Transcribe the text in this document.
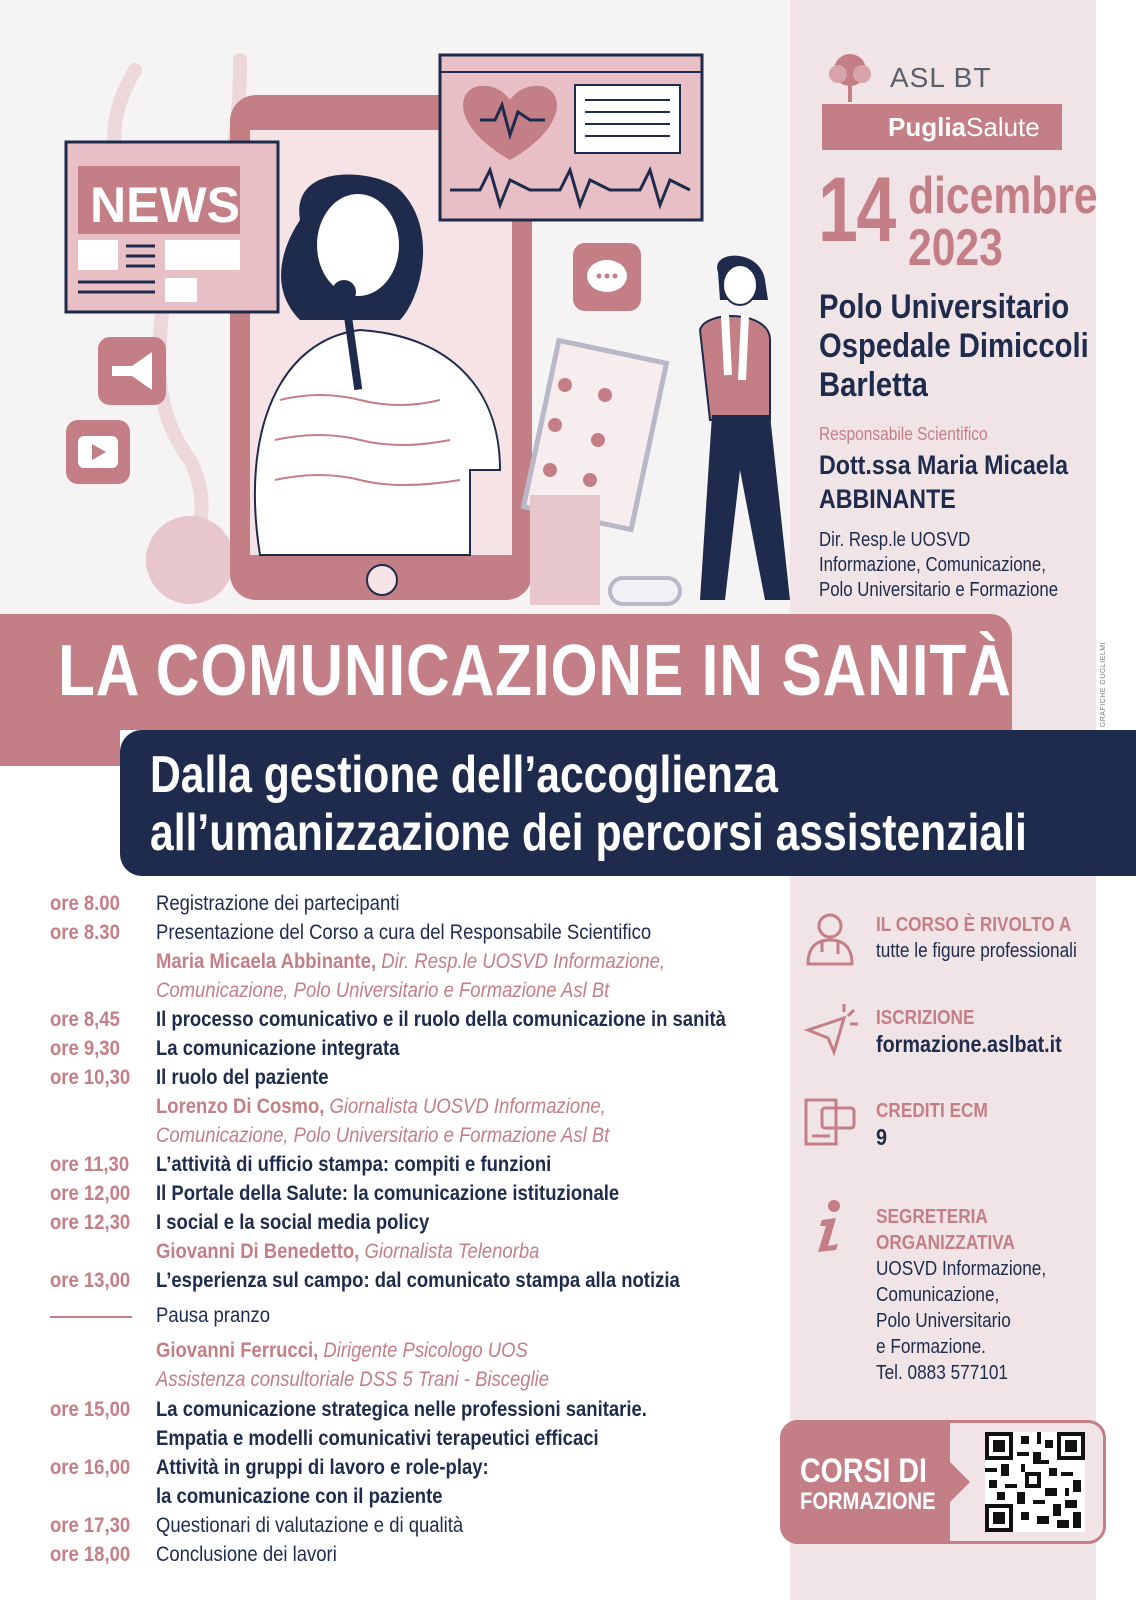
NEWS
ASL BT
PugliaSalute
14 dicembre
2023
Polo Universitario
Ospedale Dimiccoli
Barletta
Responsabile Scientifico
Dott.ssa Maria Micaela
ABBINANTE
Dir. Resp.le UOSVD
Informazione, Comunicazione,
Polo Universitario e Formazione
GRAFICHE GUGLIELMI
LA COMUNICAZIONE IN SANITÀ
Dalla gestione dell’accoglienza
all’umanizzazione dei percorsi assistenziali
ore 8.00 Registrazione dei partecipanti
ore 8.30 Presentazione del Corso a cura del Responsabile Scientifico
Maria Micaela Abbinante, Dir. Resp.le UOSVD Informazione,
Comunicazione, Polo Universitario e Formazione Asl Bt
ore 8,45 Il processo comunicativo e il ruolo della comunicazione in sanità
ore 9,30 La comunicazione integrata
ore 10,30 Il ruolo del paziente
Lorenzo Di Cosmo, Giornalista UOSVD Informazione,
Comunicazione, Polo Universitario e Formazione Asl Bt
ore 11,30 L’attività di ufficio stampa: compiti e funzioni
ore 12,00 Il Portale della Salute: la comunicazione istituzionale
ore 12,30 I social e la social media policy
Giovanni Di Benedetto, Giornalista Telenorba
ore 13,00 L’esperienza sul campo: dal comunicato stampa alla notizia
Pausa pranzo
Giovanni Ferrucci, Dirigente Psicologo UOS
Assistenza consultoriale DSS 5 Trani - Bisceglie
ore 15,00 La comunicazione strategica nelle professioni sanitarie.
Empatia e modelli comunicativi terapeutici efficaci
ore 16,00 Attività in gruppi di lavoro e role-play:
la comunicazione con il paziente
ore 17,30 Questionari di valutazione e di qualità
ore 18,00 Conclusione dei lavori
IL CORSO È RIVOLTO A
tutte le figure professionali
ISCRIZIONE
formazione.aslbat.it
CREDITI ECM
9
SEGRETERIA
ORGANIZZATIVA
UOSVD Informazione,
Comunicazione,
Polo Universitario
e Formazione.
Tel. 0883 577101
CORSI DI
FORMAZIONE
